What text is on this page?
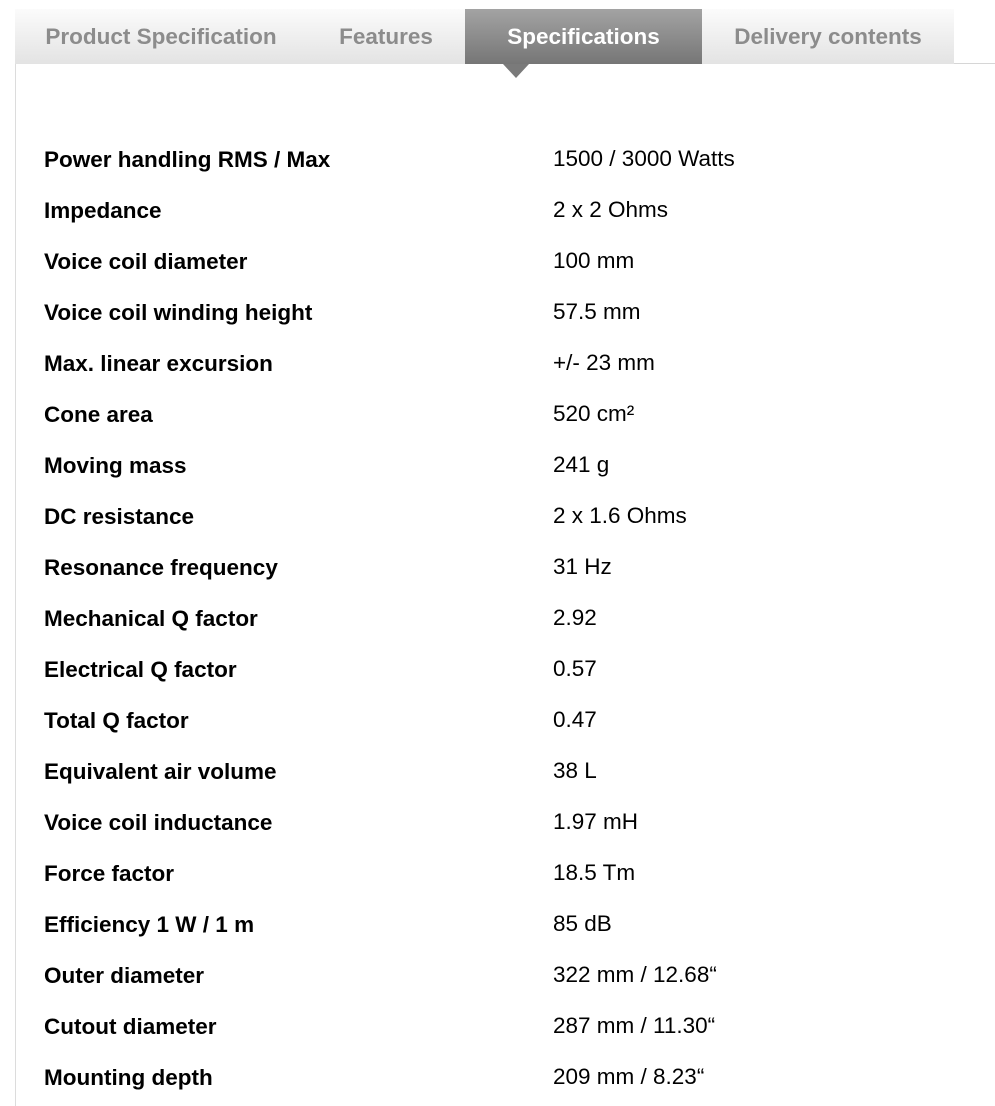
Product Specification	Features	Specifications	Delivery contents
Power handling RMS / Max	1500 / 3000 Watts
Impedance	2 x 2 Ohms
Voice coil diameter	100 mm
Voice coil winding height	57.5 mm
Max. linear excursion	+/- 23 mm
Cone area	520 cm²
Moving mass	241 g
DC resistance	2 x 1.6 Ohms
Resonance frequency	31 Hz
Mechanical Q factor	2.92
Electrical Q factor	0.57
Total Q factor	0.47
Equivalent air volume	38 L
Voice coil inductance	1.97 mH
Force factor	18.5 Tm
Efficiency 1 W / 1 m	85 dB
Outer diameter	322 mm / 12.68“
Cutout diameter	287 mm / 11.30“
Mounting depth	209 mm / 8.23“
